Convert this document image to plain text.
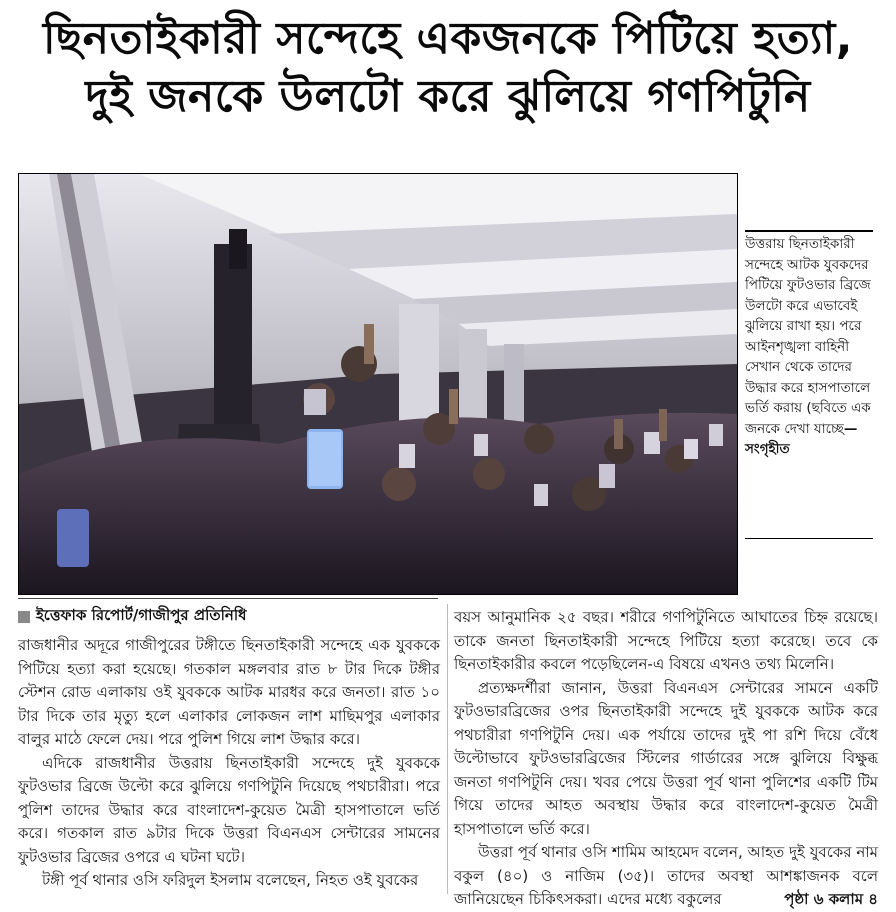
ছিনতাইকারী সন্দেহে একজনকে পিটিয়ে হত্যা,
দুই জনকে উলটো করে ঝুলিয়ে গণপিটুনি
উত্তরায় ছিনতাইকারী সন্দেহে আটক যুবকদের পিটিয়ে ফুটওভার ব্রিজে উলটো করে এভাবেই ঝুলিয়ে রাখা হয়। পরে আইনশৃঙ্খলা বাহিনী সেখান থেকে তাদের উদ্ধার করে হাসপাতালে ভর্তি করায় (ছবিতে এক জনকে দেখা যাচ্ছে—সংগৃহীত
ইত্তেফাক রিপোর্ট/গাজীপুর প্রতিনিধি

রাজধানীর অদূরে গাজীপুরের টঙ্গীতে ছিনতাইকারী সন্দেহে এক যুবককে পিটিয়ে হত্যা করা হয়েছে। গতকাল মঙ্গলবার রাত ৮ টার দিকে টঙ্গীর স্টেশন রোড এলাকায় ওই যুবককে আটক মারধর করে জনতা। রাত ১০ টার দিকে তার মৃত্যু হলে এলাকার লোকজন লাশ মাছিমপুর এলাকার বালুর মাঠে ফেলে দেয়। পরে পুলিশ গিয়ে লাশ উদ্ধার করে।

এদিকে রাজধানীর উত্তরায় ছিনতাইকারী সন্দেহে দুই যুবককে ফুটওভার ব্রিজে উল্টো করে ঝুলিয়ে গণপিটুনি দিয়েছে পথচারীরা। পরে পুলিশ তাদের উদ্ধার করে বাংলাদেশ-কুয়েত মৈত্রী হাসপাতালে ভর্তি করে। গতকাল রাত ৯টার দিকে উত্তরা বিএনএস সেন্টারের সামনের ফুটওভার ব্রিজের ওপরে এ ঘটনা ঘটে।

টঙ্গী পূর্ব থানার ওসি ফরিদুল ইসলাম বলেছেন, নিহত ওই যুবকের

বয়স আনুমানিক ২৫ বছর। শরীরে গণপিটুনিতে আঘাতের চিহ্ন রয়েছে। তাকে জনতা ছিনতাইকারী সন্দেহে পিটিয়ে হত্যা করেছে। তবে কে ছিনতাইকারীর কবলে পড়েছিলেন-এ বিষয়ে এখনও তথ্য মিলেনি।

প্রত্যক্ষদর্শীরা জানান, উত্তরা বিএনএস সেন্টারের সামনে একটি ফুটওভারব্রিজের ওপর ছিনতাইকারী সন্দেহে দুই যুবককে আটক করে পথচারীরা গণপিটুনি দেয়। এক পর্যায়ে তাদের দুই পা রশি দিয়ে বেঁধে উল্টোভাবে ফুটওভারব্রিজের স্টিলের গার্ডারের সঙ্গে ঝুলিয়ে বিক্ষুব্ধ জনতা গণপিটুনি দেয়। খবর পেয়ে উত্তরা পূর্ব থানা পুলিশের একটি টিম গিয়ে তাদের আহত অবস্থায় উদ্ধার করে বাংলাদেশ-কুয়েত মৈত্রী হাসপাতালে ভর্তি করে।

উত্তরা পূর্ব থানার ওসি শামিম আহমেদ বলেন, আহত দুই যুবকের নাম বকুল (৪০) ও নাজিম (৩৫)। তাদের অবস্থা আশঙ্কাজনক বলে জানিয়েছেন চিকিৎসকরা। এদের মধ্যে বকুলের	পৃষ্ঠা ৬ কলাম ৪
